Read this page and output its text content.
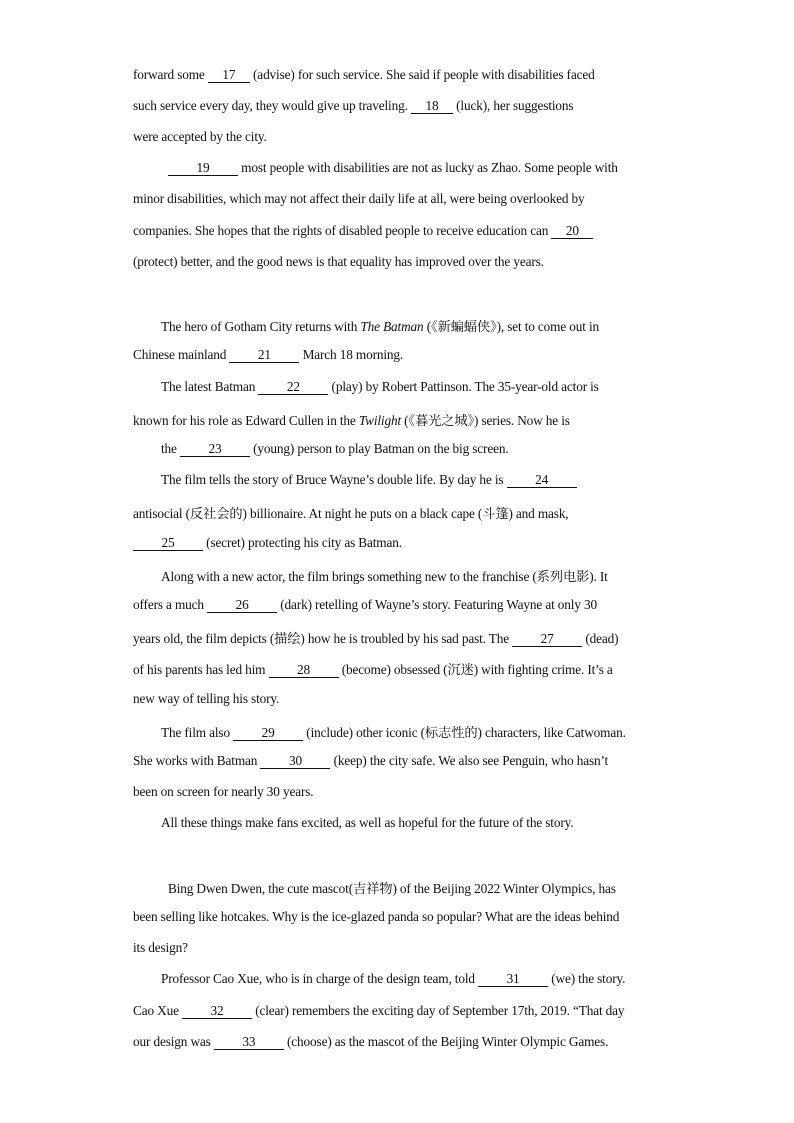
forward some 17 (advise) for such service. She said if people with disabilities faced
such service every day, they would give up traveling. 18 (luck), her suggestions
were accepted by the city.
19 most people with disabilities are not as lucky as Zhao. Some people with
minor disabilities, which may not affect their daily life at all, were being overlooked by
companies. She hopes that the rights of disabled people to receive education can 20
(protect) better, and the good news is that equality has improved over the years.
The hero of Gotham City returns with The Batman (《新蝙蝠侠》), set to come out in
Chinese mainland 21 March 18 morning.
The latest Batman 22 (play) by Robert Pattinson. The 35-year-old actor is
known for his role as Edward Cullen in the Twilight (《暮光之城》) series. Now he is
the 23 (young) person to play Batman on the big screen.
The film tells the story of Bruce Wayne’s double life. By day he is 24
antisocial (反社会的) billionaire. At night he puts on a black cape (斗篷) and mask,
25 (secret) protecting his city as Batman.
Along with a new actor, the film brings something new to the franchise (系列电影). It
offers a much 26 (dark) retelling of Wayne’s story. Featuring Wayne at only 30
years old, the film depicts (描绘) how he is troubled by his sad past. The 27 (dead)
of his parents has led him 28 (become) obsessed (沉迷) with fighting crime. It’s a
new way of telling his story.
The film also 29 (include) other iconic (标志性的) characters, like Catwoman.
She works with Batman 30 (keep) the city safe. We also see Penguin, who hasn’t
been on screen for nearly 30 years.
All these things make fans excited, as well as hopeful for the future of the story.
Bing Dwen Dwen, the cute mascot(吉祥物) of the Beijing 2022 Winter Olympics, has
been selling like hotcakes. Why is the ice-glazed panda so popular? What are the ideas behind
its design?
Professor Cao Xue, who is in charge of the design team, told 31 (we) the story.
Cao Xue 32 (clear) remembers the exciting day of September 17th, 2019. “That day
our design was 33 (choose) as the mascot of the Beijing Winter Olympic Games.
